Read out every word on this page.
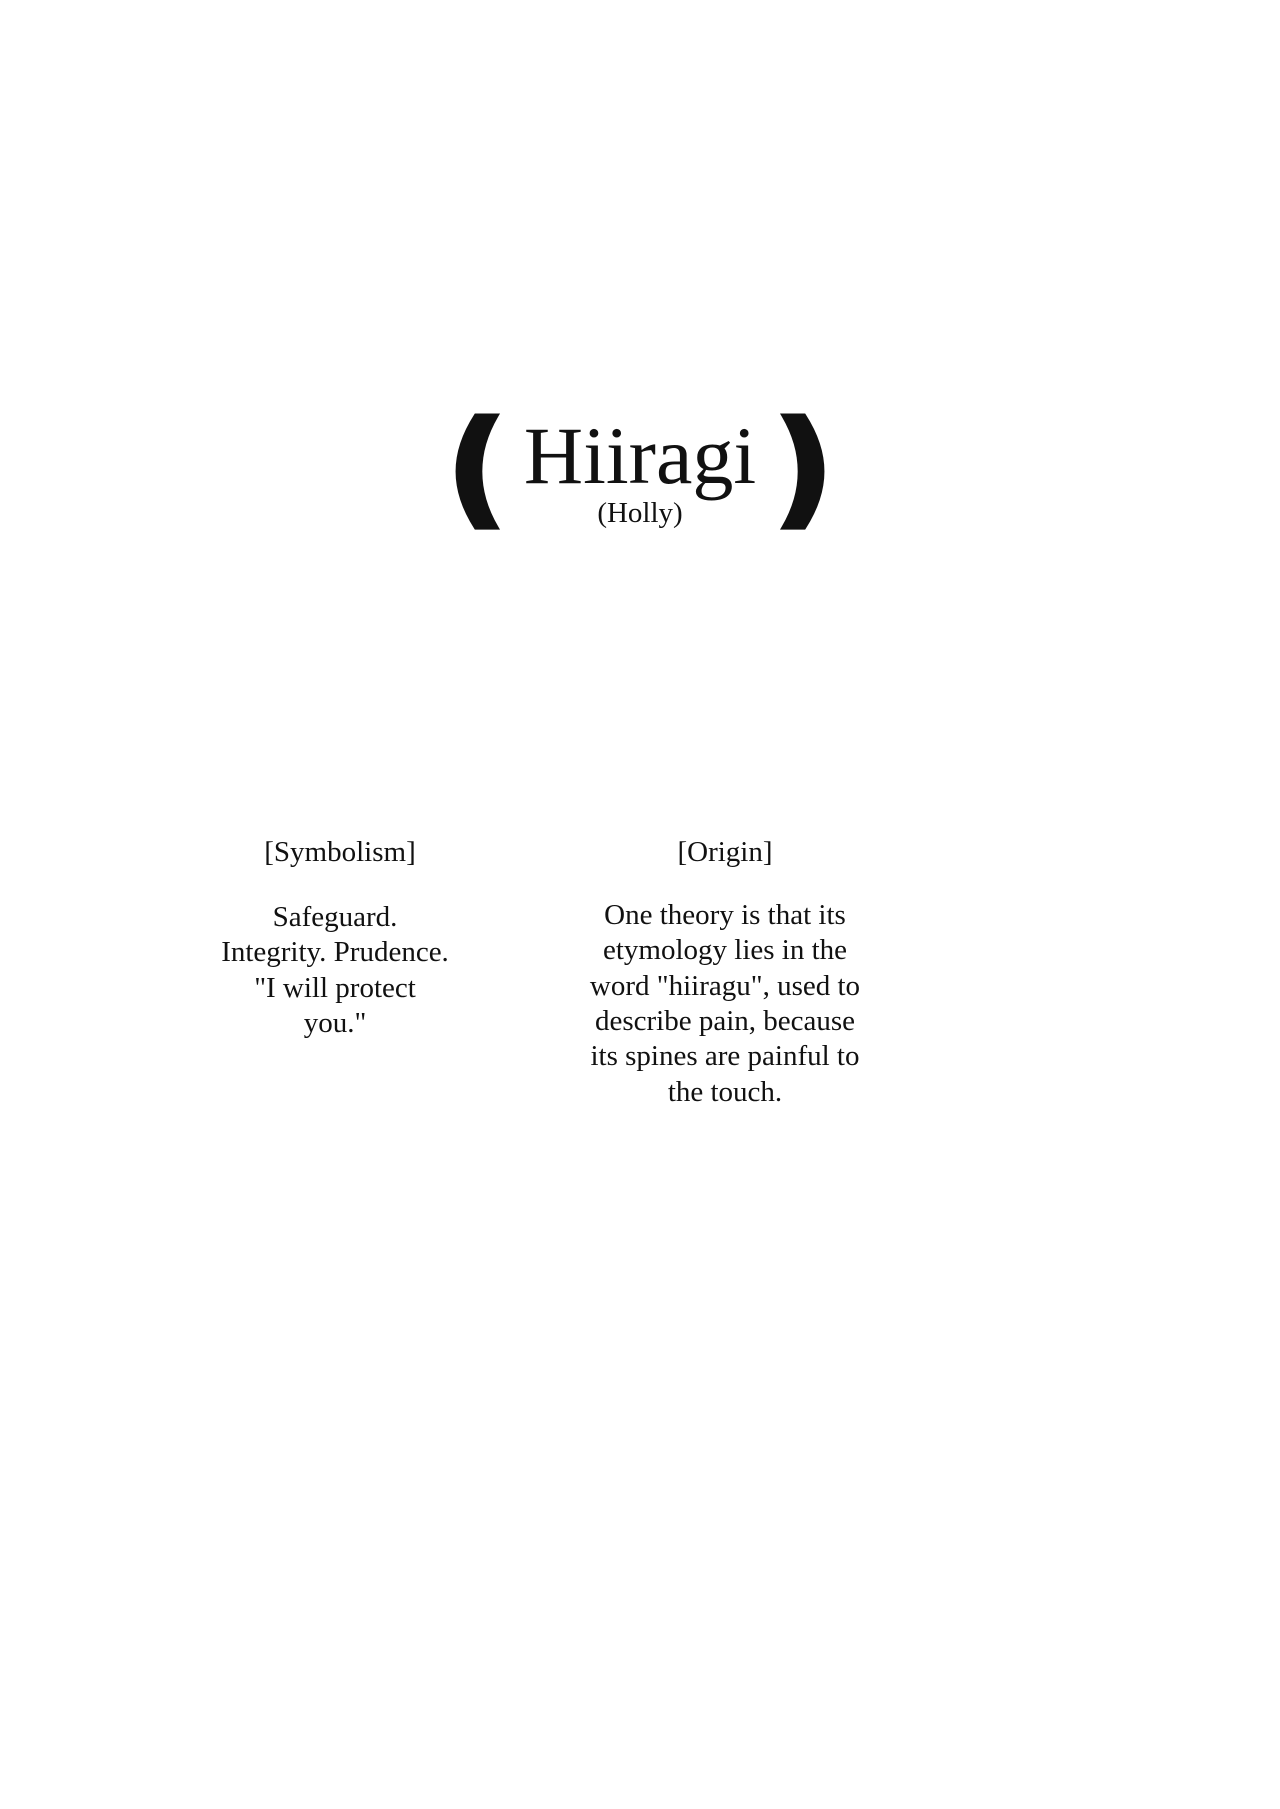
❪
Hiiragi
(Holly) ❫
[Symbolism]
Safeguard. Integrity. Prudence. "I will protect you."
[Origin]
One theory is that its etymology lies in the word "hiiragu", used to describe pain, because its spines are painful to the touch.
